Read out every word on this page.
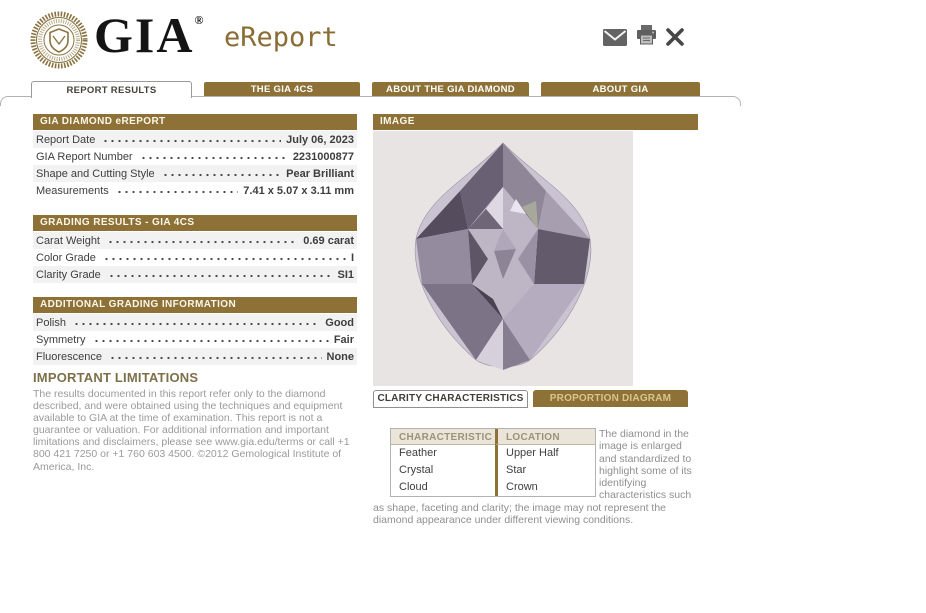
GIA®
eReport
REPORT RESULTS	THE GIA 4CS	ABOUT THE GIA DIAMOND eREPORT
ABOUT GIA
GIA DIAMOND eREPORT
Report Date	July 06, 2023
GIA Report Number	2231000877
Shape and Cutting Style	Pear Brilliant
Measurements	7.41 x 5.07 x 3.11 mm
GRADING RESULTS - GIA 4CS
Carat Weight	0.69 carat
Color Grade	I
Clarity Grade	SI1
ADDITIONAL GRADING INFORMATION
Polish	Good
Symmetry	Fair
Fluorescence	None
IMPORTANT LIMITATIONS
The results documented in this report refer only to the diamond described, and were obtained using the techniques and equipment available to GIA at the time of examination. This report is not a guarantee or valuation. For additional information and important limitations and disclaimers, please see www.gia.edu/terms or call +1 800 421 7250 or +1 760 603 4500. ©2012 Gemological Institute of America, Inc.
IMAGE
CLARITY CHARACTERISTICS	PROPORTION DIAGRAM
CHARACTERISTIC	LOCATION
Feather	Upper Half
Crystal	Star
Cloud	Crown

The diamond in the image is enlarged and standardized to highlight some of its identifying characteristics such as shape, faceting and clarity; the image may not represent the diamond appearance under different viewing conditions.
